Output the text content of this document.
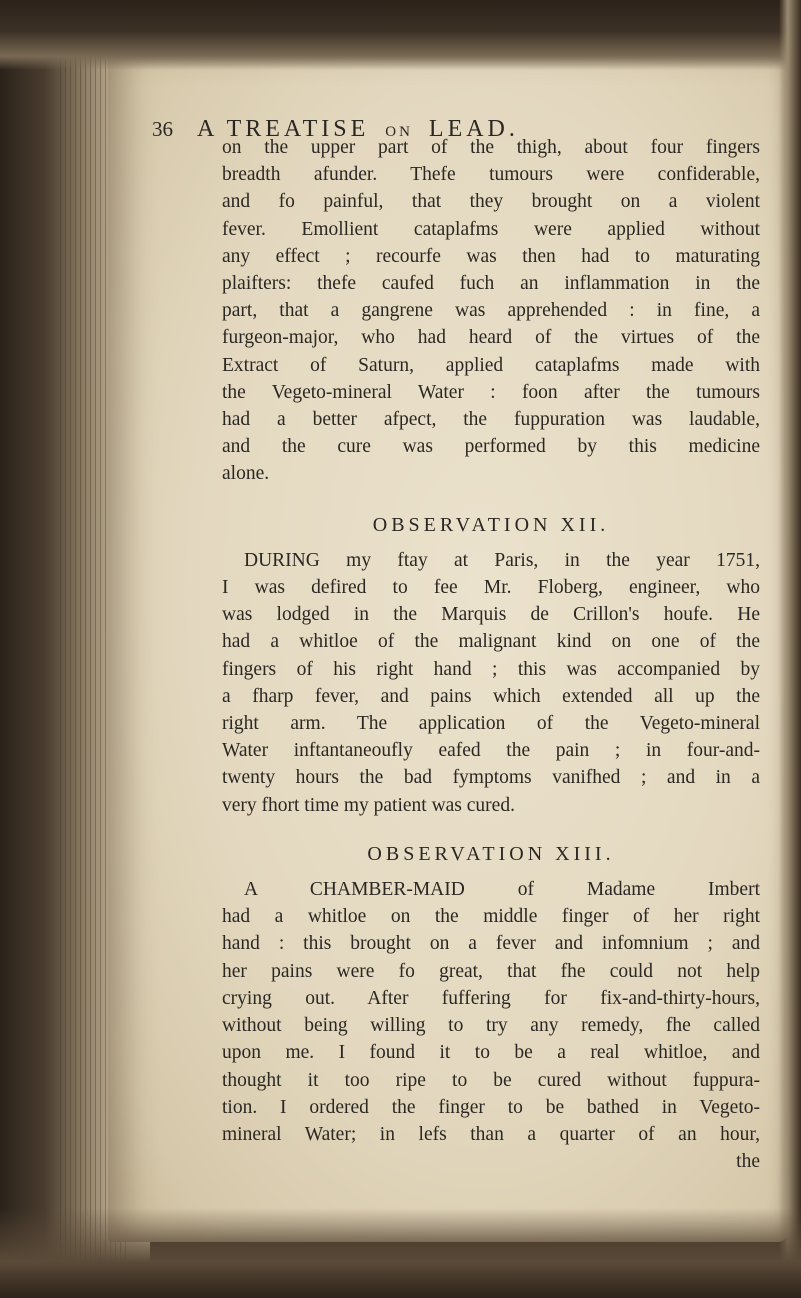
36 A TREATISE ON LEAD.
on the upper part of the thigh, about four fingers
breadth afunder. Thefe tumours were confiderable,
and fo painful, that they brought on a violent
fever. Emollient cataplafms were applied without
any effect ; recourfe was then had to maturating
plaifters: thefe caufed fuch an inflammation in the
part, that a gangrene was apprehended : in fine, a
furgeon-major, who had heard of the virtues of the
Extract of Saturn, applied cataplafms made with
the Vegeto-mineral Water : foon after the tumours
had a better afpect, the fuppuration was laudable,
and the cure was performed by this medicine
alone.
OBSERVATION XII.
DURING my ftay at Paris, in the year 1751,
I was defired to fee Mr. Floberg, engineer, who
was lodged in the Marquis de Crillon's houfe. He
had a whitloe of the malignant kind on one of the
fingers of his right hand ; this was accompanied by
a fharp fever, and pains which extended all up the
right arm. The application of the Vegeto-mineral
Water inftantaneoufly eafed the pain ; in four-and-
twenty hours the bad fymptoms vanifhed ; and in a
very fhort time my patient was cured.
OBSERVATION XIII.
A CHAMBER-MAID of Madame Imbert
had a whitloe on the middle finger of her right
hand : this brought on a fever and infomnium ; and
her pains were fo great, that fhe could not help
crying out. After fuffering for fix-and-thirty-hours,
without being willing to try any remedy, fhe called
upon me. I found it to be a real whitloe, and
thought it too ripe to be cured without fuppura-
tion. I ordered the finger to be bathed in Vegeto-
mineral Water; in lefs than a quarter of an hour,
the
